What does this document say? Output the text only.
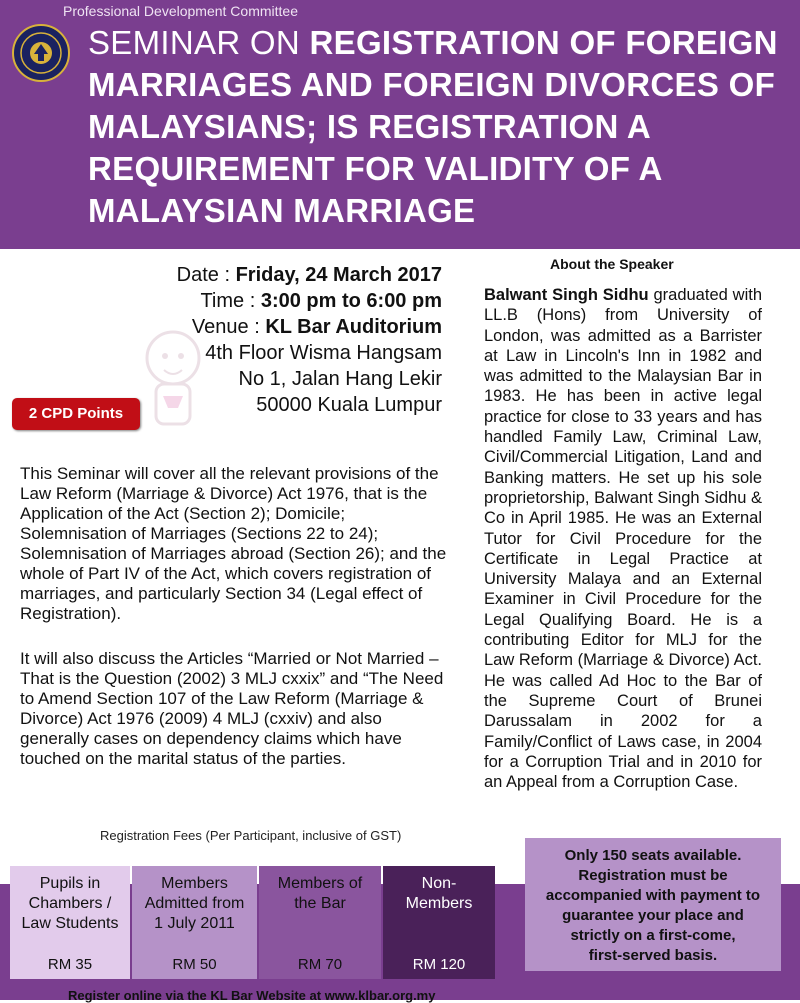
Professional Development Committee
SEMINAR ON REGISTRATION OF FOREIGN
MARRIAGES AND FOREIGN DIVORCES OF
MALAYSIANS; IS REGISTRATION A
REQUIREMENT FOR VALIDITY OF A
MALAYSIAN MARRIAGE
Date : Friday, 24 March 2017
Time : 3:00 pm to 6:00 pm
Venue : KL Bar Auditorium
4th Floor Wisma Hangsam
No 1, Jalan Hang Lekir
50000 Kuala Lumpur
2 CPD Points
This Seminar will cover all the relevant provisions of the Law Reform (Marriage & Divorce) Act 1976, that is the Application of the Act (Section 2); Domicile; Solemnisation of Marriages (Sections 22 to 24); Solemnisation of Marriages abroad (Section 26); and the whole of Part IV of the Act, which covers registration of marriages, and particularly Section 34 (Legal effect of Registration).
It will also discuss the Articles “Married or Not Married – That is the Question (2002) 3 MLJ cxxix” and “The Need to Amend Section 107 of the Law Reform (Marriage & Divorce) Act 1976 (2009) 4 MLJ (cxxiv) and also generally cases on dependency claims which have touched on the marital status of the parties.
About the Speaker
Balwant Singh Sidhu graduated with LL.B (Hons) from University of London, was admitted as a Barrister at Law in Lincoln's Inn in 1982 and was admitted to the Malaysian Bar in 1983. He has been in active legal practice for close to 33 years and has handled Family Law, Criminal Law, Civil/Commercial Litigation, Land and Banking matters. He set up his sole proprietorship, Balwant Singh Sidhu & Co in April 1985. He was an External Tutor for Civil Procedure for the Certificate in Legal Practice at University Malaya and an External Examiner in Civil Procedure for the Legal Qualifying Board. He is a contributing Editor for MLJ for the Law Reform (Marriage & Divorce) Act. He was called Ad Hoc to the Bar of the Supreme Court of Brunei Darussalam in 2002 for a Family/Conflict of Laws case, in 2004 for a Corruption Trial and in 2010 for an Appeal from a Corruption Case.
Registration Fees (Per Participant, inclusive of GST)
Pupils in
Chambers /
Law Students
RM 35
Members
Admitted from
1 July 2011
RM 50
Members of
the Bar
RM 70
Non-
Members
RM 120
Only 150 seats available.
Registration must be
accompanied with payment to
guarantee your place and
strictly on a first-come,
first-served basis.
Register online via the KL Bar Website at www.klbar.org.my
